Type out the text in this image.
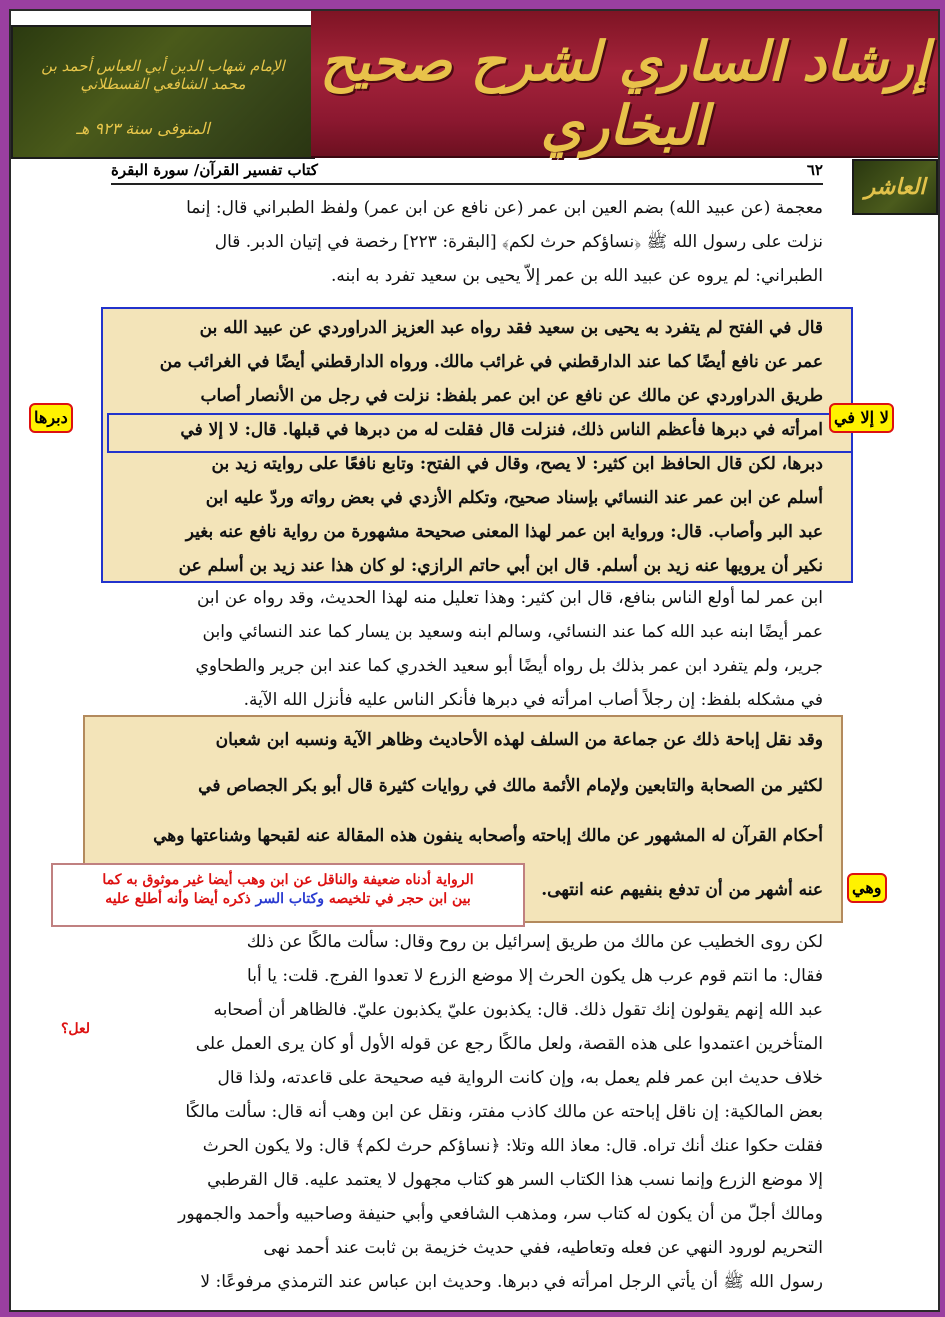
الإمام شهاب الدين أبي العباس أحمد بن محمد الشافعي القسطلاني
المتوفى سنة ٩٢٣ هـ
إرشاد الساري لشرح صحيح البخاري
العاشر
٦٢
كتاب تفسير القرآن/ سورة البقرة
معجمة (عن عبيد الله) بضم العين ابن عمر (عن نافع عن ابن عمر) ولفظ الطبراني قال: إنما
نزلت على رسول الله ﷺ ﴿نساؤكم حرث لكم﴾ [البقرة: ٢٢٣] رخصة في إتيان الدبر. قال
الطبراني: لم يروه عن عبيد الله بن عمر إلاّ يحيى بن سعيد تفرد به ابنه.
قال في الفتح لم يتفرد به يحيى بن سعيد فقد رواه عبد العزيز الدراوردي عن عبيد الله بن
عمر عن نافع أيضًا كما عند الدارقطني في غرائب مالك. ورواه الدارقطني أيضًا في الغرائب من
طريق الدراوردي عن مالك عن نافع عن ابن عمر بلفظ: نزلت في رجل من الأنصار أصاب
امرأته في دبرها فأعظم الناس ذلك، فنزلت قال فقلت له من دبرها في قبلها. قال: لا إلا في
دبرها، لكن قال الحافظ ابن كثير: لا يصح، وقال في الفتح: وتابع نافعًا على روايته زيد بن
أسلم عن ابن عمر عند النسائي بإسناد صحيح، وتكلم الأزدي في بعض رواته وردّ عليه ابن
عبد البر وأصاب. قال: ورواية ابن عمر لهذا المعنى صحيحة مشهورة من رواية نافع عنه بغير
نكير أن يرويها عنه زيد بن أسلم. قال ابن أبي حاتم الرازي: لو كان هذا عند زيد بن أسلم عن
دبرها	لا إلا في
ابن عمر لما أولع الناس بنافع، قال ابن كثير: وهذا تعليل منه لهذا الحديث، وقد رواه عن ابن
عمر أيضًا ابنه عبد الله كما عند النسائي، وسالم ابنه وسعيد بن يسار كما عند النسائي وابن
جرير، ولم يتفرد ابن عمر بذلك بل رواه أيضًا أبو سعيد الخدري كما عند ابن جرير والطحاوي
في مشكله بلفظ: إن رجلاً أصاب امرأته في دبرها فأنكر الناس عليه فأنزل الله الآية.
وقد نقل إباحة ذلك عن جماعة من السلف لهذه الأحاديث وظاهر الآية ونسبه ابن شعبان
لكثير من الصحابة والتابعين ولإمام الأئمة مالك في روايات كثيرة قال أبو بكر الجصاص في
أحكام القرآن له المشهور عن مالك إباحته وأصحابه ينفون هذه المقالة عنه لقبحها وشناعتها وهي
عنه أشهر من أن تدفع بنفيهم عنه انتهى.	وهي
الرواية أدناه ضعيفة والناقل عن ابن وهب أيضا غير موثوق به كما
بين ابن حجر في تلخيصه وكتاب السر ذكره أيضا وأنه أطلع عليه
لعل؟
لكن روى الخطيب عن مالك من طريق إسرائيل بن روح وقال: سألت مالكًا عن ذلك
فقال: ما انتم قوم عرب هل يكون الحرث إلا موضع الزرع لا تعدوا الفرج. قلت: يا أبا
عبد الله إنهم يقولون إنك تقول ذلك. قال: يكذبون عليّ يكذبون عليّ. فالظاهر أن أصحابه
المتأخرين اعتمدوا على هذه القصة، ولعل مالكًا رجع عن قوله الأول أو كان يرى العمل على
خلاف حديث ابن عمر فلم يعمل به، وإن كانت الرواية فيه صحيحة على قاعدته، ولذا قال
بعض المالكية: إن ناقل إباحته عن مالك كاذب مفتر، ونقل عن ابن وهب أنه قال: سألت مالكًا
فقلت حكوا عنك أنك تراه. قال: معاذ الله وتلا: ﴿نساؤكم حرث لكم﴾ قال: ولا يكون الحرث
إلا موضع الزرع وإنما نسب هذا الكتاب السر هو كتاب مجهول لا يعتمد عليه. قال القرطبي
ومالك أجلّ من أن يكون له كتاب سر، ومذهب الشافعي وأبي حنيفة وصاحبيه وأحمد والجمهور
التحريم لورود النهي عن فعله وتعاطيه، ففي حديث خزيمة بن ثابت عند أحمد نهى
رسول الله ﷺ أن يأتي الرجل امرأته في دبرها. وحديث ابن عباس عند الترمذي مرفوعًا: لا
